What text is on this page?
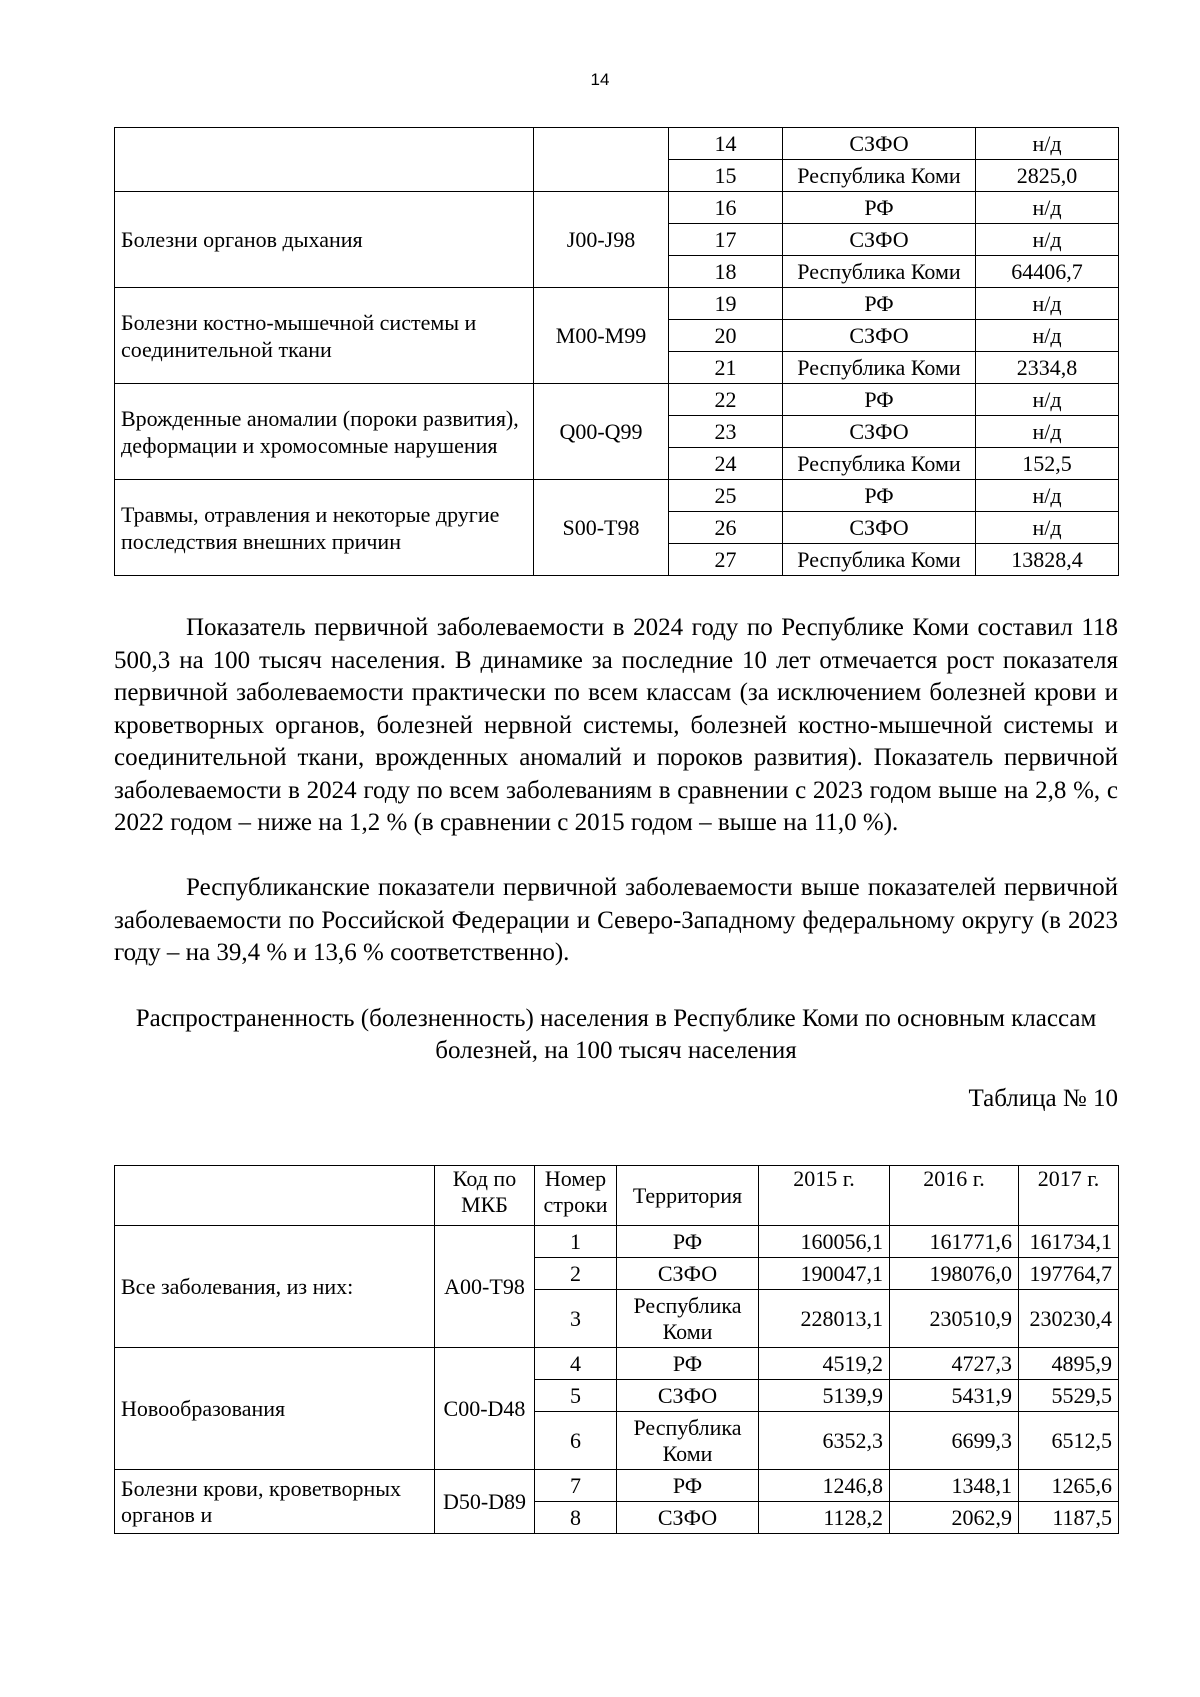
14
		14	СЗФО	н/д
		15	Республика Коми	2825,0
Болезни органов дыхания	J00-J98	16	РФ	н/д
		17	СЗФО	н/д
		18	Республика Коми	64406,7
Болезни костно-мышечной системы и соединительной ткани	M00-M99	19	РФ	н/д
		20	СЗФО	н/д
		21	Республика Коми	2334,8
Врожденные аномалии (пороки развития), деформации и хромосомные нарушения	Q00-Q99	22	РФ	н/д
		23	СЗФО	н/д
		24	Республика Коми	152,5
Травмы, отравления и некоторые другие последствия внешних причин	S00-T98	25	РФ	н/д
		26	СЗФО	н/д
		27	Республика Коми	13828,4

Показатель первичной заболеваемости в 2024 году по Республике Коми составил 118 500,3 на 100 тысяч населения. В динамике за последние 10 лет отмечается рост показателя первичной заболеваемости практически по всем классам (за исключением болезней крови и кроветворных органов, болезней нервной системы, болезней костно-мышечной системы и соединительной ткани, врожденных аномалий и пороков развития). Показатель первичной заболеваемости в 2024 году по всем заболеваниям в сравнении с 2023 годом выше на 2,8 %, с 2022 годом – ниже на 1,2 % (в сравнении с 2015 годом – выше на 11,0 %).

Республиканские показатели первичной заболеваемости выше показателей первичной заболеваемости по Российской Федерации и Северо-Западному федеральному округу (в 2023 году – на 39,4 % и 13,6 % соответственно).

Распространенность (болезненность) населения в Республике Коми по основным классам болезней, на 100 тысяч населения

Таблица № 10
	Код по МКБ	Номер строки	Территория	2015 г.	2016 г.	2017 г.
Все заболевания, из них:	A00-T98	1	РФ	160056,1	161771,6	161734,1
		2	СЗФО	190047,1	198076,0	197764,7
		3	Республика Коми	228013,1	230510,9	230230,4
Новообразования	C00-D48	4	РФ	4519,2	4727,3	4895,9
		5	СЗФО	5139,9	5431,9	5529,5
		6	Республика Коми	6352,3	6699,3	6512,5
Болезни крови, кроветворных органов и	D50-D89	7	РФ	1246,8	1348,1	1265,6
		8	СЗФО	1128,2	2062,9	1187,5
